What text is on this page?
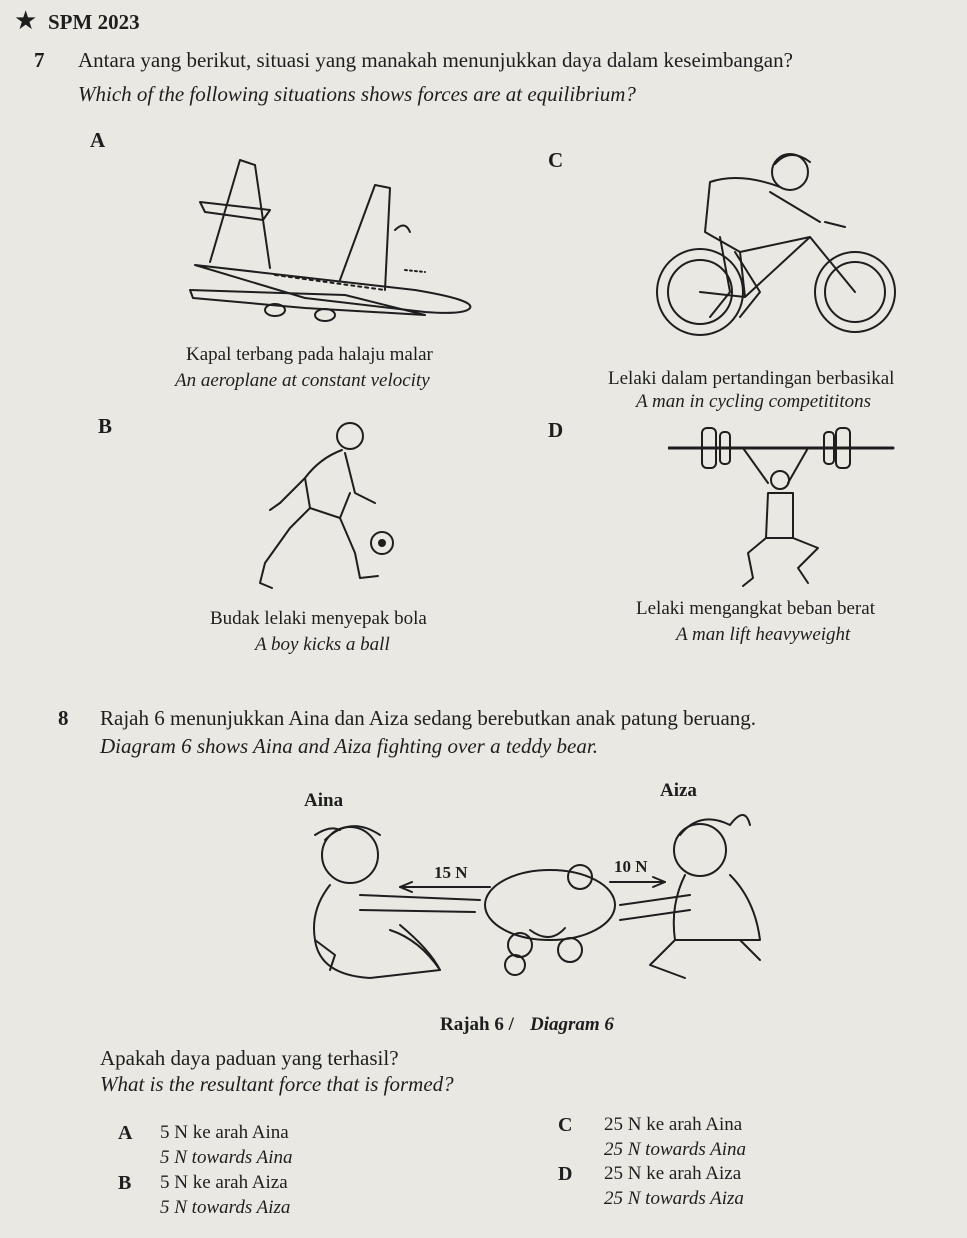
★ SPM 2023
7 Antara yang berikut, situasi yang manakah menunjukkan daya dalam keseimbangan?
Which of the following situations shows forces are at equilibrium?
A
Kapal terbang pada halaju malar
An aeroplane at constant velocity
C
Lelaki dalam pertandingan berbasikal
A man in cycling competititons
B
Budak lelaki menyepak bola
A boy kicks a ball
D
Lelaki mengangkat beban berat
A man lift heavyweight
8 Rajah 6 menunjukkan Aina dan Aiza sedang berebutkan anak patung beruang.
Diagram 6 shows Aina and Aiza fighting over a teddy bear.
Aina	Aiza
15 N	10 N
Rajah 6 / Diagram 6
Apakah daya paduan yang terhasil?
What is the resultant force that is formed?
A 5 N ke arah Aina
5 N towards Aina
B 5 N ke arah Aiza
5 N towards Aiza
C 25 N ke arah Aina
25 N towards Aina
D 25 N ke arah Aiza
25 N towards Aiza
